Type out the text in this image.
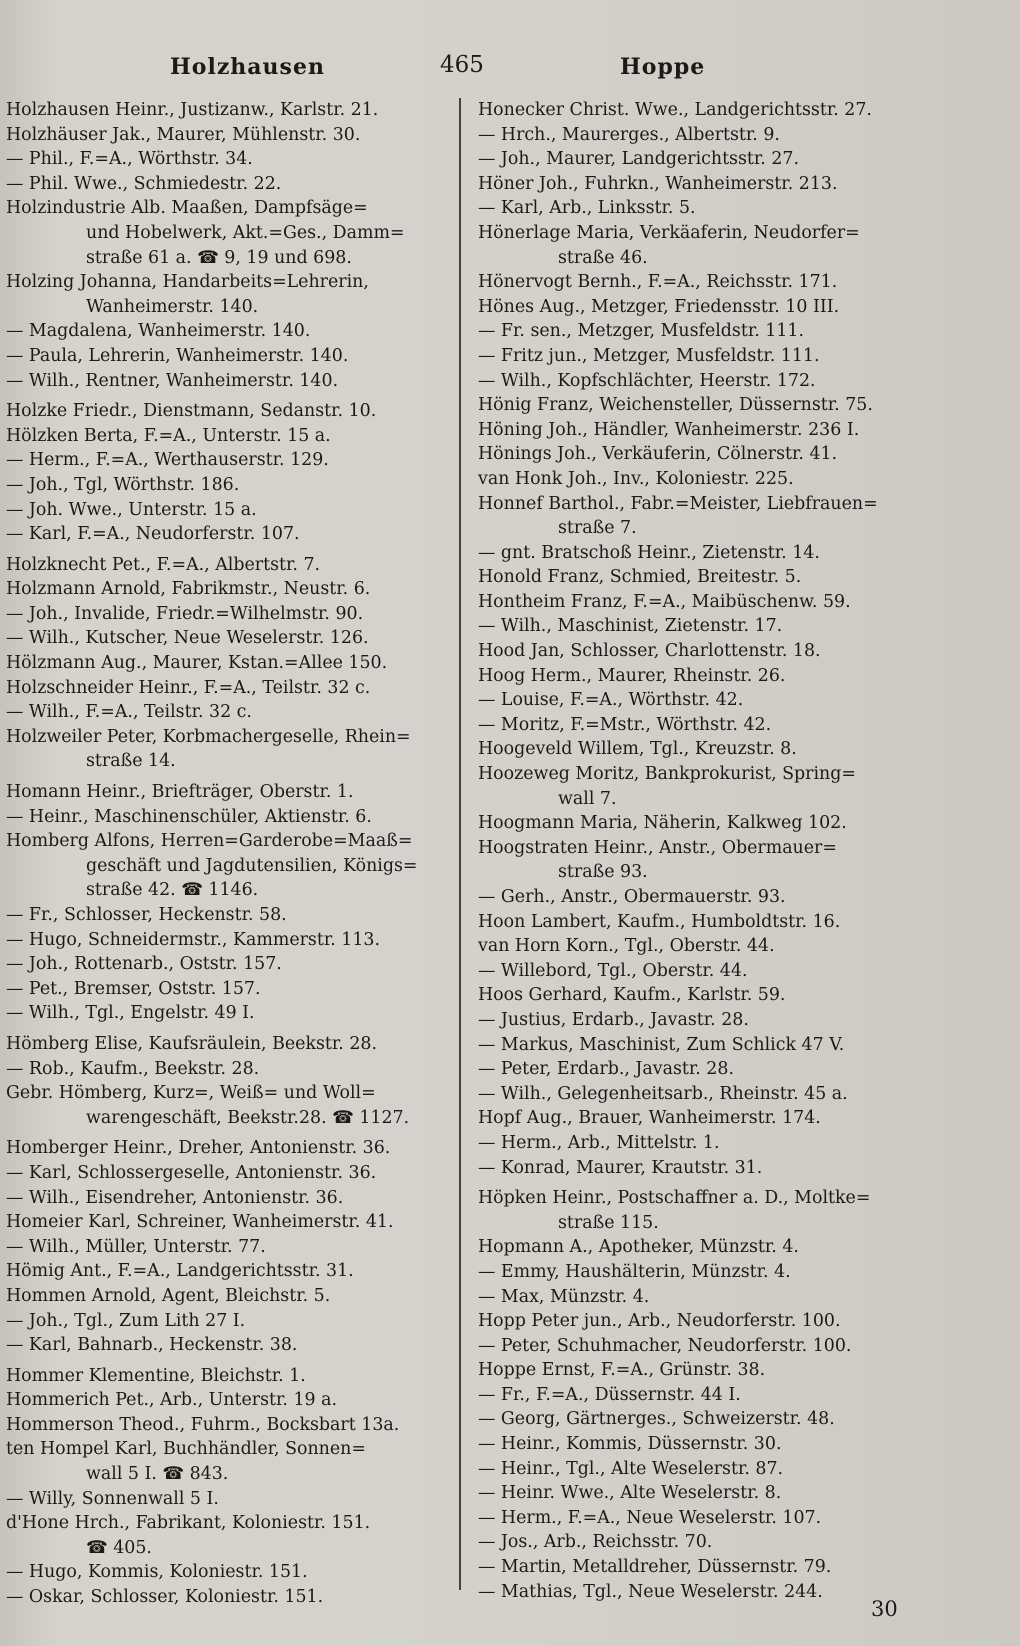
Holzhausen	465	Hoppe
Holzhausen Heinr., Justizanw., Karlstr. 21.
Holzhäuser Jak., Maurer, Mühlenstr. 30.
— Phil., F.=A., Wörthstr. 34.
— Phil. Wwe., Schmiedestr. 22.
Holzindustrie Alb. Maaßen, Dampfsäge=
und Hobelwerk, Akt.=Ges., Damm=
straße 61 a. ☎ 9, 19 und 698.
Holzing Johanna, Handarbeits=Lehrerin,
Wanheimerstr. 140.
— Magdalena, Wanheimerstr. 140.
— Paula, Lehrerin, Wanheimerstr. 140.
— Wilh., Rentner, Wanheimerstr. 140.
Holzke Friedr., Dienstmann, Sedanstr. 10.
Hölzken Berta, F.=A., Unterstr. 15 a.
— Herm., F.=A., Werthauserstr. 129.
— Joh., Tgl, Wörthstr. 186.
— Joh. Wwe., Unterstr. 15 a.
— Karl, F.=A., Neudorferstr. 107.
Holzknecht Pet., F.=A., Albertstr. 7.
Holzmann Arnold, Fabrikmstr., Neustr. 6.
— Joh., Invalide, Friedr.=Wilhelmstr. 90.
— Wilh., Kutscher, Neue Weselerstr. 126.
Hölzmann Aug., Maurer, Kstan.=Allee 150.
Holzschneider Heinr., F.=A., Teilstr. 32 c.
— Wilh., F.=A., Teilstr. 32 c.
Holzweiler Peter, Korbmachergeselle, Rhein=
straße 14.
Homann Heinr., Briefträger, Oberstr. 1.
— Heinr., Maschinenschüler, Aktienstr. 6.
Homberg Alfons, Herren=Garderobe=Maaß=
geschäft und Jagdutensilien, Königs=
straße 42. ☎ 1146.
— Fr., Schlosser, Heckenstr. 58.
— Hugo, Schneidermstr., Kammerstr. 113.
— Joh., Rottenarb., Oststr. 157.
— Pet., Bremser, Oststr. 157.
— Wilh., Tgl., Engelstr. 49 I.
Hömberg Elise, Kaufsräulein, Beekstr. 28.
— Rob., Kaufm., Beekstr. 28.
Gebr. Hömberg, Kurz=, Weiß= und Woll=
warengeschäft, Beekstr.28. ☎ 1127.
Homberger Heinr., Dreher, Antonienstr. 36.
— Karl, Schlossergeselle, Antonienstr. 36.
— Wilh., Eisendreher, Antonienstr. 36.
Homeier Karl, Schreiner, Wanheimerstr. 41.
— Wilh., Müller, Unterstr. 77.
Hömig Ant., F.=A., Landgerichtsstr. 31.
Hommen Arnold, Agent, Bleichstr. 5.
— Joh., Tgl., Zum Lith 27 I.
— Karl, Bahnarb., Heckenstr. 38.
Hommer Klementine, Bleichstr. 1.
Hommerich Pet., Arb., Unterstr. 19 a.
Hommerson Theod., Fuhrm., Bocksbart 13a.
ten Hompel Karl, Buchhändler, Sonnen=
wall 5 I. ☎ 843.
— Willy, Sonnenwall 5 I.
d'Hone Hrch., Fabrikant, Koloniestr. 151.
☎ 405.
— Hugo, Kommis, Koloniestr. 151.
— Oskar, Schlosser, Koloniestr. 151.
Honecker Christ. Wwe., Landgerichtsstr. 27.
— Hrch., Maurerges., Albertstr. 9.
— Joh., Maurer, Landgerichtsstr. 27.
Höner Joh., Fuhrkn., Wanheimerstr. 213.
— Karl, Arb., Linksstr. 5.
Hönerlage Maria, Verkäaferin, Neudorfer=
straße 46.
Hönervogt Bernh., F.=A., Reichsstr. 171.
Hönes Aug., Metzger, Friedensstr. 10 III.
— Fr. sen., Metzger, Musfeldstr. 111.
— Fritz jun., Metzger, Musfeldstr. 111.
— Wilh., Kopfschlächter, Heerstr. 172.
Hönig Franz, Weichensteller, Düssernstr. 75.
Höning Joh., Händler, Wanheimerstr. 236 I.
Hönings Joh., Verkäuferin, Cölnerstr. 41.
van Honk Joh., Inv., Koloniestr. 225.
Honnef Barthol., Fabr.=Meister, Liebfrauen=
straße 7.
— gnt. Bratschoß Heinr., Zietenstr. 14.
Honold Franz, Schmied, Breitestr. 5.
Hontheim Franz, F.=A., Maibüschenw. 59.
— Wilh., Maschinist, Zietenstr. 17.
Hood Jan, Schlosser, Charlottenstr. 18.
Hoog Herm., Maurer, Rheinstr. 26.
— Louise, F.=A., Wörthstr. 42.
— Moritz, F.=Mstr., Wörthstr. 42.
Hoogeveld Willem, Tgl., Kreuzstr. 8.
Hoozeweg Moritz, Bankprokurist, Spring=
wall 7.
Hoogmann Maria, Näherin, Kalkweg 102.
Hoogstraten Heinr., Anstr., Obermauer=
straße 93.
— Gerh., Anstr., Obermauerstr. 93.
Hoon Lambert, Kaufm., Humboldtstr. 16.
van Horn Korn., Tgl., Oberstr. 44.
— Willebord, Tgl., Oberstr. 44.
Hoos Gerhard, Kaufm., Karlstr. 59.
— Justius, Erdarb., Javastr. 28.
— Markus, Maschinist, Zum Schlick 47 V.
— Peter, Erdarb., Javastr. 28.
— Wilh., Gelegenheitsarb., Rheinstr. 45 a.
Hopf Aug., Brauer, Wanheimerstr. 174.
— Herm., Arb., Mittelstr. 1.
— Konrad, Maurer, Krautstr. 31.
Höpken Heinr., Postschaffner a. D., Moltke=
straße 115.
Hopmann A., Apotheker, Münzstr. 4.
— Emmy, Haushälterin, Münzstr. 4.
— Max, Münzstr. 4.
Hopp Peter jun., Arb., Neudorferstr. 100.
— Peter, Schuhmacher, Neudorferstr. 100.
Hoppe Ernst, F.=A., Grünstr. 38.
— Fr., F.=A., Düssernstr. 44 I.
— Georg, Gärtnerges., Schweizerstr. 48.
— Heinr., Kommis, Düssernstr. 30.
— Heinr., Tgl., Alte Weselerstr. 87.
— Heinr. Wwe., Alte Weselerstr. 8.
— Herm., F.=A., Neue Weselerstr. 107.
— Jos., Arb., Reichsstr. 70.
— Martin, Metalldreher, Düssernstr. 79.
— Mathias, Tgl., Neue Weselerstr. 244.
30
